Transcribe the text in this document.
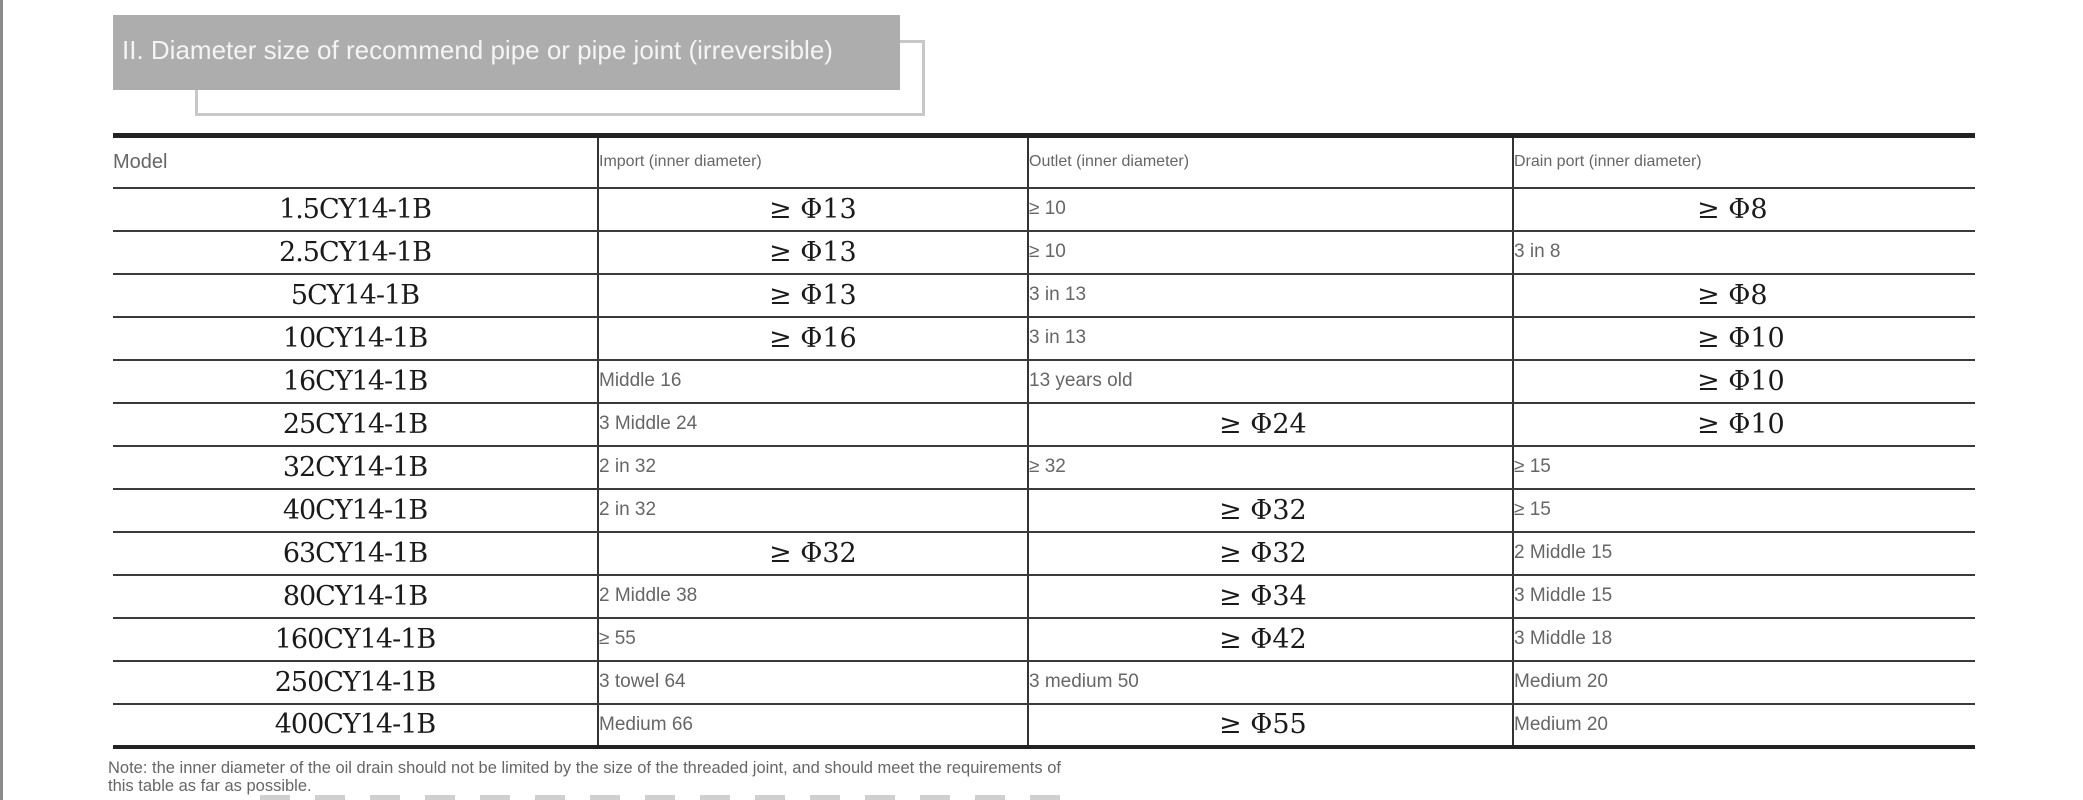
II. Diameter size of recommend pipe or pipe joint (irreversible)
Model	Import (inner diameter)	Outlet (inner diameter)	Drain port (inner diameter)
1.5CY14-1B	≥ Φ13	≥ 10	≥ Φ8
2.5CY14-1B	≥ Φ13	≥ 10	3 in 8
5CY14-1B	≥ Φ13	3 in 13	≥ Φ8
10CY14-1B	≥ Φ16	3 in 13	≥ Φ10
16CY14-1B	Middle 16	13 years old	≥ Φ10
25CY14-1B	3 Middle 24	≥ Φ24	≥ Φ10
32CY14-1B	2 in 32	≥ 32	≥ 15
40CY14-1B	2 in 32	≥ Φ32	≥ 15
63CY14-1B	≥ Φ32	≥ Φ32	2 Middle 15
80CY14-1B	2 Middle 38	≥ Φ34	3 Middle 15
160CY14-1B	≥ 55	≥ Φ42	3 Middle 18
250CY14-1B	3 towel 64	3 medium 50	Medium 20
400CY14-1B	Medium 66	≥ Φ55	Medium 20
Note: the inner diameter of the oil drain should not be limited by the size of the threaded joint, and should meet the requirements of this table as far as possible.
